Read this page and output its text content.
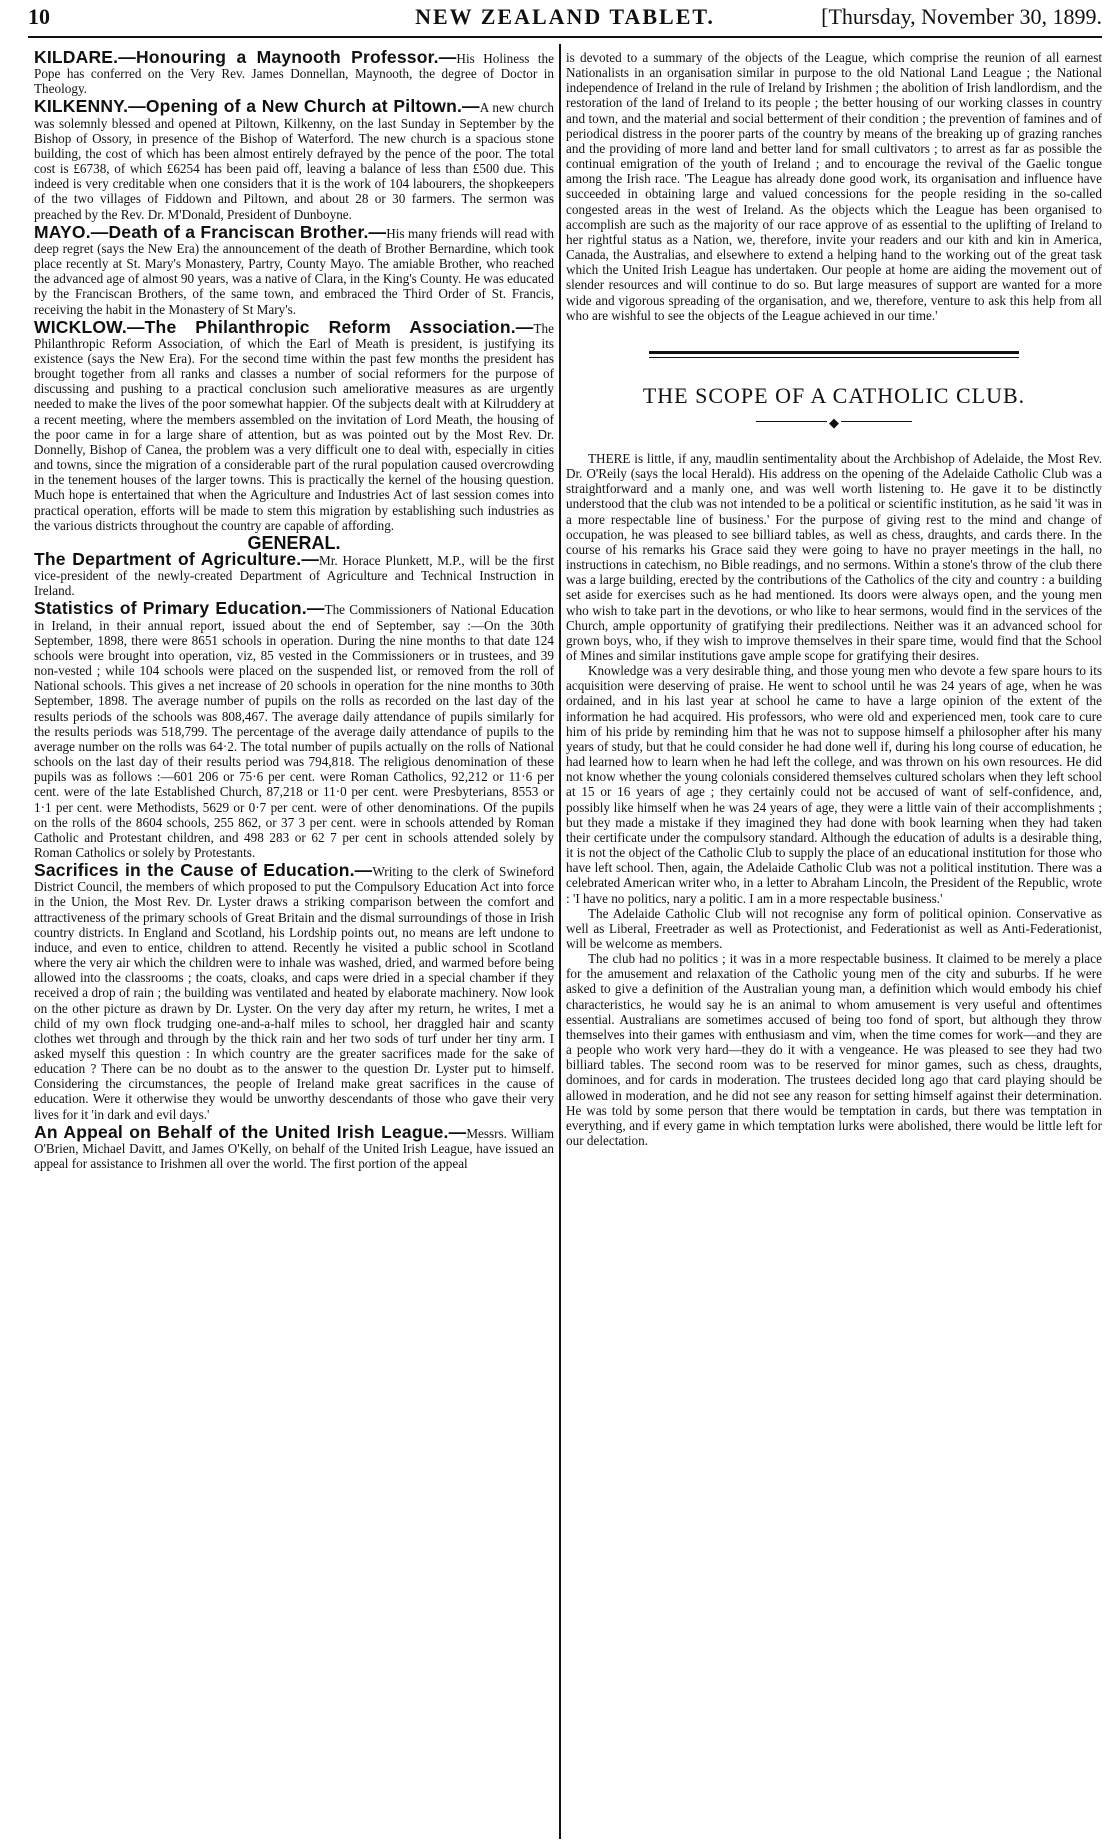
10	NEW ZEALAND TABLET.	[Thursday, November 30, 1899.

KILDARE.—Honouring a Maynooth Professor.—His Holiness the Pope has conferred on the Very Rev. James Donnellan, Maynooth, the degree of Doctor in Theology.

KILKENNY.—Opening of a New Church at Piltown.—A new church was solemnly blessed and opened at Piltown, Kilkenny, on the last Sunday in September by the Bishop of Ossory, in presence of the Bishop of Waterford. The new church is a spacious stone building, the cost of which has been almost entirely defrayed by the pence of the poor. The total cost is £6738, of which £6254 has been paid off, leaving a balance of less than £500 due. This indeed is very creditable when one considers that it is the work of 104 labourers, the shopkeepers of the two villages of Fiddown and Piltown, and about 28 or 30 farmers. The sermon was preached by the Rev. Dr. M'Donald, President of Dunboyne.

MAYO.—Death of a Franciscan Brother.—His many friends will read with deep regret (says the New Era) the announcement of the death of Brother Bernardine, which took place recently at St. Mary's Monastery, Partry, County Mayo. The amiable Brother, who reached the advanced age of almost 90 years, was a native of Clara, in the King's County. He was educated by the Franciscan Brothers, of the same town, and embraced the Third Order of St. Francis, receiving the habit in the Monastery of St Mary's.

WICKLOW.—The Philanthropic Reform Association.—The Philanthropic Reform Association, of which the Earl of Meath is president, is justifying its existence (says the New Era). For the second time within the past few months the president has brought together from all ranks and classes a number of social reformers for the purpose of discussing and pushing to a practical conclusion such ameliorative measures as are urgently needed to make the lives of the poor somewhat happier. Of the subjects dealt with at Kilruddery at a recent meeting, where the members assembled on the invitation of Lord Meath, the housing of the poor came in for a large share of attention, but as was pointed out by the Most Rev. Dr. Donnelly, Bishop of Canea, the problem was a very difficult one to deal with, especially in cities and towns, since the migration of a considerable part of the rural population caused overcrowding in the tenement houses of the larger towns. This is practically the kernel of the housing question. Much hope is entertained that when the Agriculture and Industries Act of last session comes into practical operation, efforts will be made to stem this migration by establishing such industries as the various districts throughout the country are capable of affording.

GENERAL.

The Department of Agriculture.—Mr. Horace Plunkett, M.P., will be the first vice-president of the newly-created Department of Agriculture and Technical Instruction in Ireland.

Statistics of Primary Education.—The Commissioners of National Education in Ireland, in their annual report, issued about the end of September, say :—On the 30th September, 1898, there were 8651 schools in operation. During the nine months to that date 124 schools were brought into operation, viz, 85 vested in the Commissioners or in trustees, and 39 non-vested ; while 104 schools were placed on the suspended list, or removed from the roll of National schools. This gives a net increase of 20 schools in operation for the nine months to 30th September, 1898. The average number of pupils on the rolls as recorded on the last day of the results periods of the schools was 808,467. The average daily attendance of pupils similarly for the results periods was 518,799. The percentage of the average daily attendance of pupils to the average number on the rolls was 64·2. The total number of pupils actually on the rolls of National schools on the last day of their results period was 794,818. The religious denomination of these pupils was as follows :—601 206 or 75·6 per cent. were Roman Catholics, 92,212 or 11·6 per cent. were of the late Established Church, 87,218 or 11·0 per cent. were Presbyterians, 8553 or 1·1 per cent. were Methodists, 5629 or 0·7 per cent. were of other denominations. Of the pupils on the rolls of the 8604 schools, 255 862, or 37 3 per cent. were in schools attended by Roman Catholic and Protestant children, and 498 283 or 62 7 per cent in schools attended solely by Roman Catholics or solely by Protestants.

Sacrifices in the Cause of Education.—Writing to the clerk of Swineford District Council, the members of which proposed to put the Compulsory Education Act into force in the Union, the Most Rev. Dr. Lyster draws a striking comparison between the comfort and attractiveness of the primary schools of Great Britain and the dismal surroundings of those in Irish country districts. In England and Scotland, his Lordship points out, no means are left undone to induce, and even to entice, children to attend. Recently he visited a public school in Scotland where the very air which the children were to inhale was washed, dried, and warmed before being allowed into the classrooms ; the coats, cloaks, and caps were dried in a special chamber if they received a drop of rain ; the building was ventilated and heated by elaborate machinery. Now look on the other picture as drawn by Dr. Lyster. On the very day after my return, he writes, I met a child of my own flock trudging one-and-a-half miles to school, her draggled hair and scanty clothes wet through and through by the thick rain and her two sods of turf under her tiny arm. I asked myself this question : In which country are the greater sacrifices made for the sake of education ? There can be no doubt as to the answer to the question Dr. Lyster put to himself. Considering the circumstances, the people of Ireland make great sacrifices in the cause of education. Were it otherwise they would be unworthy descendants of those who gave their very lives for it 'in dark and evil days.'

An Appeal on Behalf of the United Irish League.—Messrs. William O'Brien, Michael Davitt, and James O'Kelly, on behalf of the United Irish League, have issued an appeal for assistance to Irishmen all over the world. The first portion of the appeal

is devoted to a summary of the objects of the League, which comprise the reunion of all earnest Nationalists in an organisation similar in purpose to the old National Land League ; the National independence of Ireland in the rule of Ireland by Irishmen ; the abolition of Irish landlordism, and the restoration of the land of Ireland to its people ; the better housing of our working classes in country and town, and the material and social betterment of their condition ; the prevention of famines and of periodical distress in the poorer parts of the country by means of the breaking up of grazing ranches and the providing of more land and better land for small cultivators ; to arrest as far as possible the continual emigration of the youth of Ireland ; and to encourage the revival of the Gaelic tongue among the Irish race. 'The League has already done good work, its organisation and influence have succeeded in obtaining large and valued concessions for the people residing in the so-called congested areas in the west of Ireland. As the objects which the League has been organised to accomplish are such as the majority of our race approve of as essential to the uplifting of Ireland to her rightful status as a Nation, we, therefore, invite your readers and our kith and kin in America, Canada, the Australias, and elsewhere to extend a helping hand to the working out of the great task which the United Irish League has undertaken. Our people at home are aiding the movement out of slender resources and will continue to do so. But large measures of support are wanted for a more wide and vigorous spreading of the organisation, and we, therefore, venture to ask this help from all who are wishful to see the objects of the League achieved in our time.'

THE SCOPE OF A CATHOLIC CLUB.
◆

THERE is little, if any, maudlin sentimentality about the Archbishop of Adelaide, the Most Rev. Dr. O'Reily (says the local Herald). His address on the opening of the Adelaide Catholic Club was a straightforward and a manly one, and was well worth listening to. He gave it to be distinctly understood that the club was not intended to be a political or scientific institution, as he said 'it was in a more respectable line of business.' For the purpose of giving rest to the mind and change of occupation, he was pleased to see billiard tables, as well as chess, draughts, and cards there. In the course of his remarks his Grace said they were going to have no prayer meetings in the hall, no instructions in catechism, no Bible readings, and no sermons. Within a stone's throw of the club there was a large building, erected by the contributions of the Catholics of the city and country : a building set aside for exercises such as he had mentioned. Its doors were always open, and the young men who wish to take part in the devotions, or who like to hear sermons, would find in the services of the Church, ample opportunity of gratifying their predilections. Neither was it an advanced school for grown boys, who, if they wish to improve themselves in their spare time, would find that the School of Mines and similar institutions gave ample scope for gratifying their desires.

Knowledge was a very desirable thing, and those young men who devote a few spare hours to its acquisition were deserving of praise. He went to school until he was 24 years of age, when he was ordained, and in his last year at school he came to have a large opinion of the extent of the information he had acquired. His professors, who were old and experienced men, took care to cure him of his pride by reminding him that he was not to suppose himself a philosopher after his many years of study, but that he could consider he had done well if, during his long course of education, he had learned how to learn when he had left the college, and was thrown on his own resources. He did not know whether the young colonials considered themselves cultured scholars when they left school at 15 or 16 years of age ; they certainly could not be accused of want of self-confidence, and, possibly like himself when he was 24 years of age, they were a little vain of their accomplishments ; but they made a mistake if they imagined they had done with book learning when they had taken their certificate under the compulsory standard. Although the education of adults is a desirable thing, it is not the object of the Catholic Club to supply the place of an educational institution for those who have left school. Then, again, the Adelaide Catholic Club was not a political institution. There was a celebrated American writer who, in a letter to Abraham Lincoln, the President of the Republic, wrote : 'I have no politics, nary a politic. I am in a more respectable business.'

The Adelaide Catholic Club will not recognise any form of political opinion. Conservative as well as Liberal, Freetrader as well as Protectionist, and Federationist as well as Anti-Federationist, will be welcome as members.

The club had no politics ; it was in a more respectable business. It claimed to be merely a place for the amusement and relaxation of the Catholic young men of the city and suburbs. If he were asked to give a definition of the Australian young man, a definition which would embody his chief characteristics, he would say he is an animal to whom amusement is very useful and oftentimes essential. Australians are sometimes accused of being too fond of sport, but although they throw themselves into their games with enthusiasm and vim, when the time comes for work—and they are a people who work very hard—they do it with a vengeance. He was pleased to see they had two billiard tables. The second room was to be reserved for minor games, such as chess, draughts, dominoes, and for cards in moderation. The trustees decided long ago that card playing should be allowed in moderation, and he did not see any reason for setting himself against their determination. He was told by some person that there would be temptation in cards, but there was temptation in everything, and if every game in which temptation lurks were abolished, there would be little left for our delectation.
